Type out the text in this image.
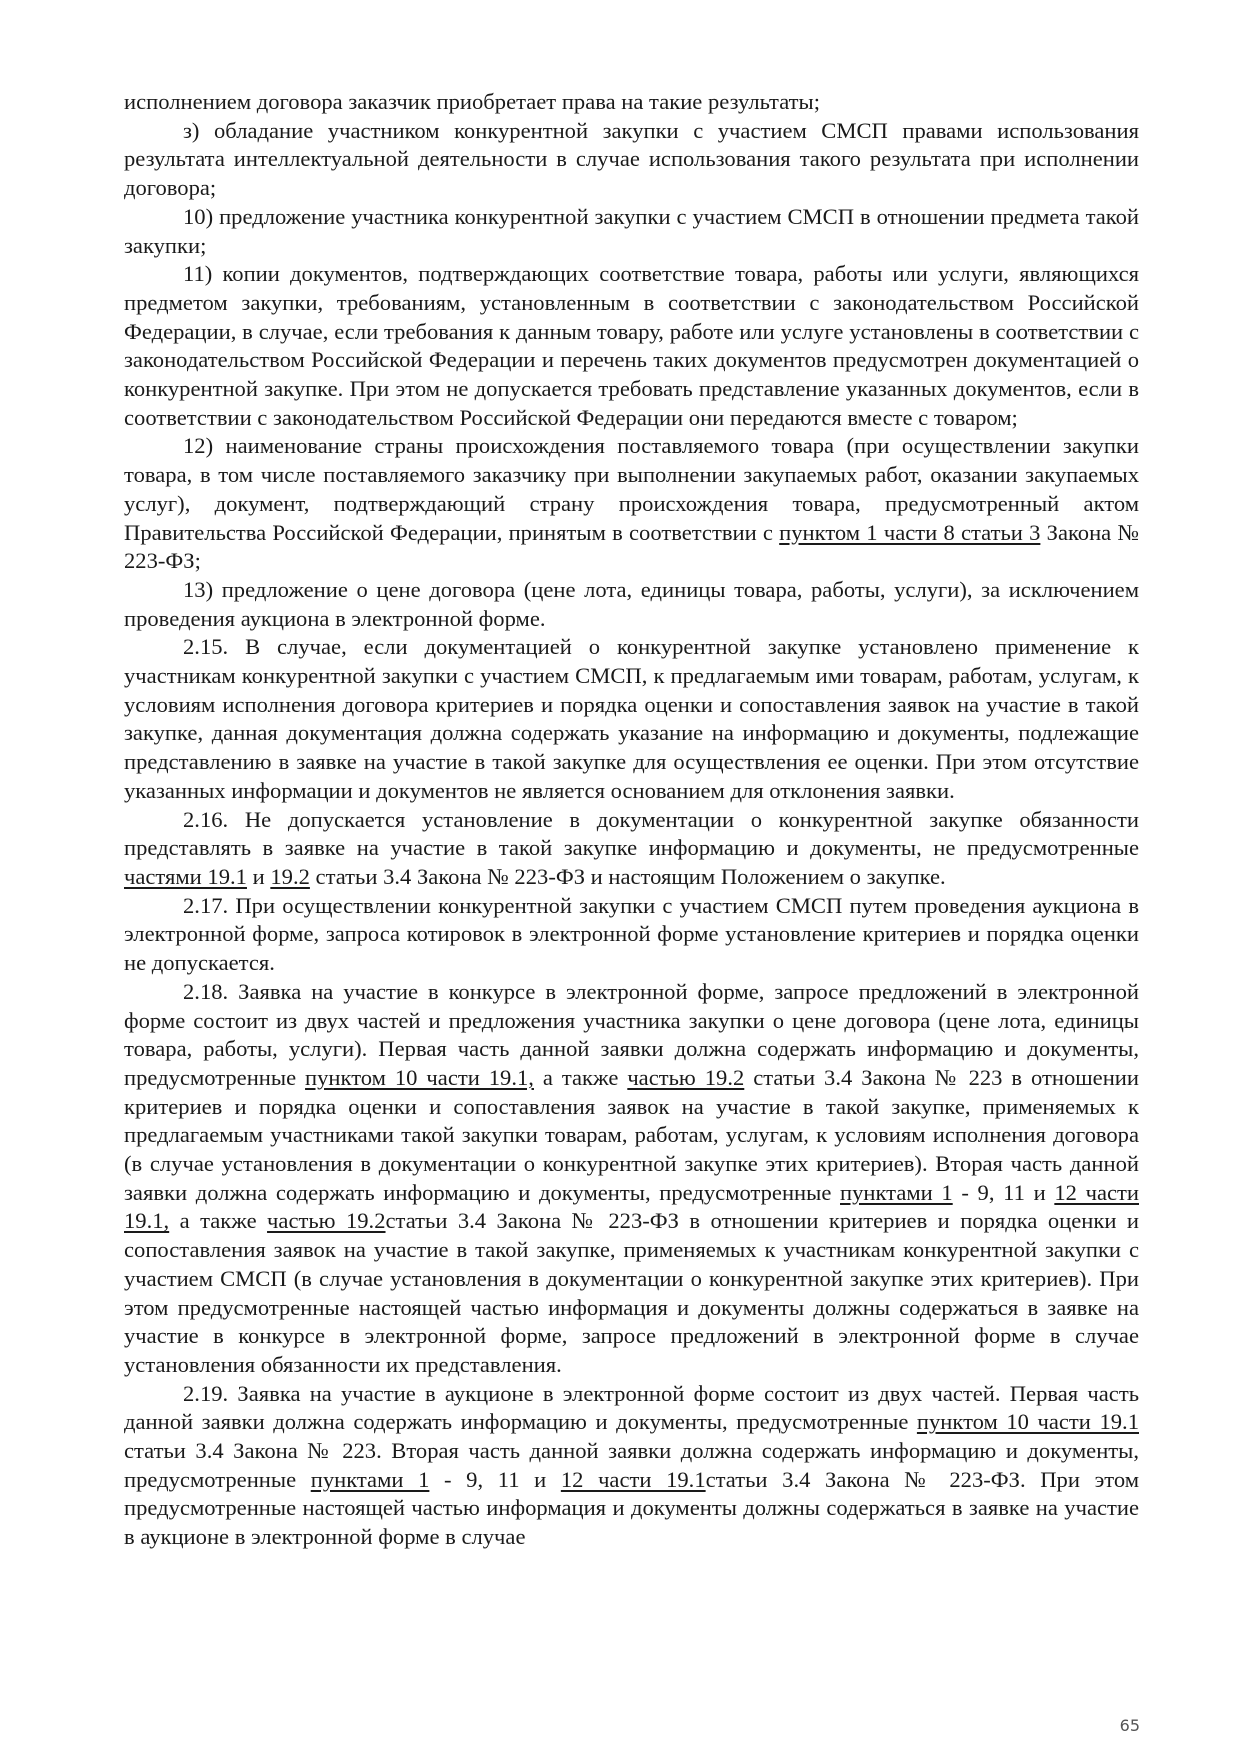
исполнением договора заказчик приобретает права на такие результаты;

з) обладание участником конкурентной закупки с участием СМСП правами использования результата интеллектуальной деятельности в случае использования такого результата при исполнении договора;

10) предложение участника конкурентной закупки с участием СМСП в отношении предмета такой закупки;

11) копии документов, подтверждающих соответствие товара, работы или услуги, являющихся предметом закупки, требованиям, установленным в соответствии с законодательством Российской Федерации, в случае, если требования к данным товару, работе или услуге установлены в соответствии с законодательством Российской Федерации и перечень таких документов предусмотрен документацией о конкурентной закупке. При этом не допускается требовать представление указанных документов, если в соответствии с законодательством Российской Федерации они передаются вместе с товаром;

12) наименование страны происхождения поставляемого товара (при осуществлении закупки товара, в том числе поставляемого заказчику при выполнении закупаемых работ, оказании закупаемых услуг), документ, подтверждающий страну происхождения товара, предусмотренный актом Правительства Российской Федерации, принятым в соответствии с пунктом 1 части 8 статьи 3 Закона № 223-ФЗ;

13) предложение о цене договора (цене лота, единицы товара, работы, услуги), за исключением проведения аукциона в электронной форме.

2.15. В случае, если документацией о конкурентной закупке установлено применение к участникам конкурентной закупки с участием СМСП, к предлагаемым ими товарам, работам, услугам, к условиям исполнения договора критериев и порядка оценки и сопоставления заявок на участие в такой закупке, данная документация должна содержать указание на информацию и документы, подлежащие представлению в заявке на участие в такой закупке для осуществления ее оценки. При этом отсутствие указанных информации и документов не является основанием для отклонения заявки.

2.16. Не допускается установление в документации о конкурентной закупке обязанности представлять в заявке на участие в такой закупке информацию и документы, не предусмотренные частями 19.1 и 19.2 статьи 3.4 Закона № 223-ФЗ и настоящим Положением о закупке.

2.17. При осуществлении конкурентной закупки с участием СМСП путем проведения аукциона в электронной форме, запроса котировок в электронной форме установление критериев и порядка оценки не допускается.

2.18. Заявка на участие в конкурсе в электронной форме, запросе предложений в электронной форме состоит из двух частей и предложения участника закупки о цене договора (цене лота, единицы товара, работы, услуги). Первая часть данной заявки должна содержать информацию и документы, предусмотренные пунктом 10 части 19.1, а также частью 19.2 статьи 3.4 Закона № 223 в отношении критериев и порядка оценки и сопоставления заявок на участие в такой закупке, применяемых к предлагаемым участниками такой закупки товарам, работам, услугам, к условиям исполнения договора (в случае установления в документации о конкурентной закупке этих критериев). Вторая часть данной заявки должна содержать информацию и документы, предусмотренные пунктами 1 - 9, 11 и 12 части 19.1, а также частью 19.2статьи 3.4 Закона № 223-ФЗ в отношении критериев и порядка оценки и сопоставления заявок на участие в такой закупке, применяемых к участникам конкурентной закупки с участием СМСП (в случае установления в документации о конкурентной закупке этих критериев). При этом предусмотренные настоящей частью информация и документы должны содержаться в заявке на участие в конкурсе в электронной форме, запросе предложений в электронной форме в случае установления обязанности их представления.

2.19. Заявка на участие в аукционе в электронной форме состоит из двух частей. Первая часть данной заявки должна содержать информацию и документы, предусмотренные пунктом 10 части 19.1 статьи 3.4 Закона № 223. Вторая часть данной заявки должна содержать информацию и документы, предусмотренные пунктами 1 - 9, 11 и 12 части 19.1статьи 3.4 Закона № 223-ФЗ. При этом предусмотренные настоящей частью информация и документы должны содержаться в заявке на участие в аукционе в электронной форме в случае

65
